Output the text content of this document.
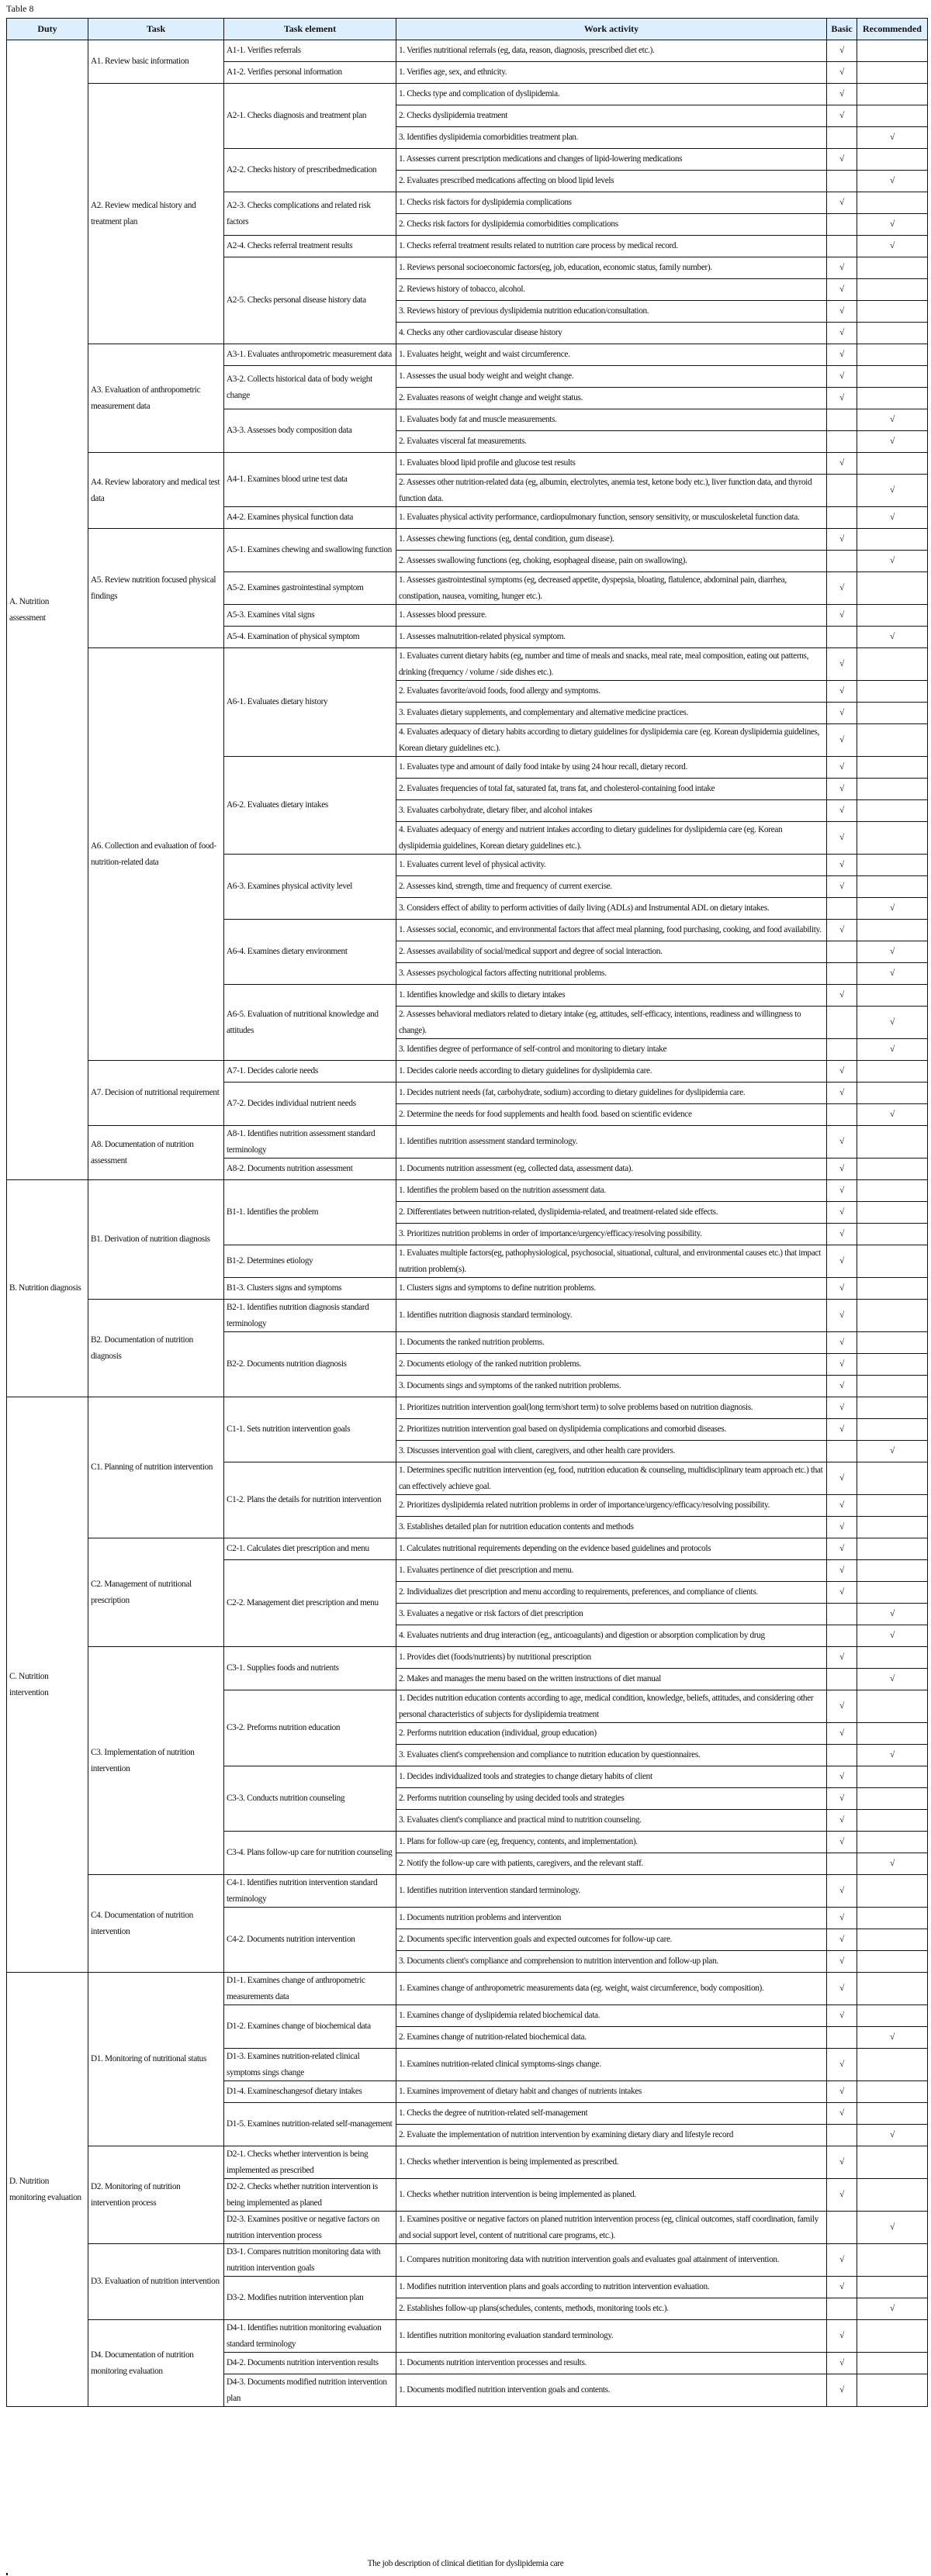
Table 8
Duty	Task	Task element	Work activity	Basic	Recommended
A. Nutrition assessment	A1. Review basic information	A1-1. Verifies referrals	1. Verifies nutritional referrals (eg, data, reason, diagnosis, prescribed diet etc.).	√	
		A1-2. Verifies personal information	1. Verifies age, sex, and ethnicity.	√	
	A2. Review medical history and treatment plan	A2-1. Checks diagnosis and treatment plan	1. Checks type and complication of dyslipidemia.	√	
			2. Checks dyslipidemia treatment	√	
			3. Identifies dyslipidemia comorbidities treatment plan.		√
		A2-2. Checks history of prescribedmedication	1. Assesses current prescription medications and changes of lipid-lowering medications	√	
			2. Evaluates prescribed medications affecting on blood lipid levels		√
		A2-3. Checks complications and related risk factors	1. Checks risk factors for dyslipidemia complications	√	
			2. Checks risk factors for dyslipidemia comorbidities complications		√
		A2-4. Checks referral treatment results	1. Checks referral treatment results related to nutrition care process by medical record.		√
		A2-5. Checks personal disease history data	1. Reviews personal socioeconomic factors(eg, job, education, economic status, family number).	√	
			2. Reviews history of tobacco, alcohol.	√	
			3. Reviews history of previous dyslipidemia nutrition education/consultation.	√	
			4. Checks any other cardiovascular disease history	√	
	A3. Evaluation of anthropometric measurement data	A3-1. Evaluates anthropometric measurement data	1. Evaluates height, weight and waist circumference.	√	
		A3-2. Collects historical data of body weight change	1. Assesses the usual body weight and weight change.	√	
			2. Evaluates reasons of weight change and weight status.	√	
		A3-3. Assesses body composition data	1. Evaluates body fat and muscle measurements.		√
			2. Evaluates visceral fat measurements.		√
	A4. Review laboratory and medical test data	A4-1. Examines blood urine test data	1. Evaluates blood lipid profile and glucose test results	√	
			2. Assesses other nutrition-related data (eg, albumin, electrolytes, anemia test, ketone body etc.), liver function data, and thyroid function data.		√
		A4-2. Examines physical function data	1. Evaluates physical activity performance, cardiopulmonary function, sensory sensitivity, or musculoskeletal function data.		√
	A5. Review nutrition focused physical findings	A5-1. Examines chewing and swallowing function	1. Assesses chewing functions (eg, dental condition, gum disease).	√	
			2. Assesses swallowing functions (eg, choking, esophageal disease, pain on swallowing).		√
		A5-2. Examines gastrointestinal symptom	1. Assesses gastrointestinal symptoms (eg, decreased appetite, dyspepsia, bloating, flatulence, abdominal pain, diarrhea, constipation, nausea, vomiting, hunger etc.).	√	
		A5-3. Examines vital signs	1. Assesses blood pressure.	√	
		A5-4. Examination of physical symptom	1. Assesses malnutrition-related physical symptom.		√
	A6. Collection and evaluation of food-nutrition-related data	A6-1. Evaluates dietary history	1. Evaluates current dietary habits (eg, number and time of meals and snacks, meal rate, meal composition, eating out patterns, drinking (frequency / volume / side dishes etc.).	√	
			2. Evaluates favorite/avoid foods, food allergy and symptoms.	√	
			3. Evaluates dietary supplements, and complementary and alternative medicine practices.	√	
			4. Evaluates adequacy of dietary habits according to dietary guidelines for dyslipidemia care (eg. Korean dyslipidemia guidelines, Korean dietary guidelines etc.).	√	
		A6-2. Evaluates dietary intakes	1. Evaluates type and amount of daily food intake by using 24 hour recall, dietary record.	√	
			2. Evaluates frequencies of total fat, saturated fat, trans fat, and cholesterol-containing food intake	√	
			3. Evaluates carbohydrate, dietary fiber, and alcohol intakes	√	
			4. Evaluates adequacy of energy and nutrient intakes according to dietary guidelines for dyslipidemia care (eg. Korean dyslipidemia guidelines, Korean dietary guidelines etc.).	√	
		A6-3. Examines physical activity level	1. Evaluates current level of physical activity.	√	
			2. Assesses kind, strength, time and frequency of current exercise.	√	
			3. Considers effect of ability to perform activities of daily living (ADLs) and Instrumental ADL on dietary intakes.		√
		A6-4. Examines dietary environment	1. Assesses social, economic, and environmental factors that affect meal planning, food purchasing, cooking, and food availability.	√	
			2. Assesses availability of social/medical support and degree of social interaction.		√
			3. Assesses psychological factors affecting nutritional problems.		√
		A6-5. Evaluation of nutritional knowledge and attitudes	1. Identifies knowledge and skills to dietary intakes	√	
			2. Assesses behavioral mediators related to dietary intake (eg, attitudes, self-efficacy, intentions, readiness and willingness to change).		√
			3. Identifies degree of performance of self-control and monitoring to dietary intake		√
	A7. Decision of nutritional requirement	A7-1. Decides calorie needs	1. Decides calorie needs according to dietary guidelines for dyslipidemia care.	√	
		A7-2. Decides individual nutrient needs	1. Decides nutrient needs (fat, carbohydrate, sodium) according to dietary guidelines for dyslipidemia care.	√	
			2. Determine the needs for food supplements and health food. based on scientific evidence		√
	A8. Documentation of nutrition assessment	A8-1. Identifies nutrition assessment standard terminology	1. Identifies nutrition assessment standard terminology.	√	
		A8-2. Documents nutrition assessment	1. Documents nutrition assessment (eg, collected data, assessment data).	√	
B. Nutrition diagnosis	B1. Derivation of nutrition diagnosis	B1-1. Identifies the problem	1. Identifies the problem based on the nutrition assessment data.	√	
			2. Differentiates between nutrition-related, dyslipidemia-related, and treatment-related side effects.	√	
			3. Prioritizes nutrition problems in order of importance/urgency/efficacy/resolving possibility.	√	
		B1-2. Determines etiology	1. Evaluates multiple factors(eg, pathophysiological, psychosocial, situational, cultural, and environmental causes etc.) that impact nutrition problem(s).	√	
		B1-3. Clusters signs and symptoms	1. Clusters signs and symptoms to define nutrition problems.	√	
	B2. Documentation of nutrition diagnosis	B2-1. Identifies nutrition diagnosis standard terminology	1. Identifies nutrition diagnosis standard terminology.	√	
		B2-2. Documents nutrition diagnosis	1. Documents the ranked nutrition problems.	√	
			2. Documents etiology of the ranked nutrition problems.	√	
			3. Documents sings and symptoms of the ranked nutrition problems.	√	
C. Nutrition intervention	C1. Planning of nutrition intervention	C1-1. Sets nutrition intervention goals	1. Prioritizes nutrition intervention goal(long term/short term) to solve problems based on nutrition diagnosis.	√	
			2. Prioritizes nutrition intervention goal based on dyslipidemia complications and comorbid diseases.	√	
			3. Discusses intervention goal with client, caregivers, and other health care providers.		√
		C1-2. Plans the details for nutrition intervention	1. Determines specific nutrition intervention (eg, food, nutrition education & counseling, multidisciplinary team approach etc.) that can effectively achieve goal.	√	
			2. Prioritizes dyslipidemia related nutrition problems in order of importance/urgency/efficacy/resolving possibility.	√	
			3. Establishes detailed plan for nutrition education contents and methods	√	
	C2. Management of nutritional prescription	C2-1. Calculates diet prescription and menu	1. Calculates nutritional requirements depending on the evidence based guidelines and protocols	√	
		C2-2. Management diet prescription and menu	1. Evaluates pertinence of diet prescription and menu.	√	
			2. Individualizes diet prescription and menu according to requirements, preferences, and compliance of clients.	√	
			3. Evaluates a negative or risk factors of diet prescription		√
			4. Evaluates nutrients and drug interaction (eg,, anticoagulants) and digestion or absorption complication by drug		√
	C3. Implementation of nutrition intervention	C3-1. Supplies foods and nutrients	1. Provides diet (foods/nutrients) by nutritional prescription	√	
			2. Makes and manages the menu based on the written instructions of diet manual		√
		C3-2. Preforms nutrition education	1. Decides nutrition education contents according to age, medical condition, knowledge, beliefs, attitudes, and considering other personal characteristics of subjects for dyslipidemia treatment	√	
			2. Performs nutrition education (individual, group education)	√	
			3. Evaluates client's comprehension and compliance to nutrition education by questionnaires.		√
		C3-3. Conducts nutrition counseling	1. Decides individualized tools and strategies to change dietary habits of client	√	
			2. Performs nutrition counseling by using decided tools and strategies	√	
			3. Evaluates client's compliance and practical mind to nutrition counseling.	√	
		C3-4. Plans follow-up care for nutrition counseling	1. Plans for follow-up care (eg, frequency, contents, and implementation).	√	
			2. Notify the follow-up care with patients, caregivers, and the relevant staff.		√
	C4. Documentation of nutrition intervention	C4-1. Identifies nutrition intervention standard terminology	1. Identifies nutrition intervention standard terminology.	√	
		C4-2. Documents nutrition intervention	1. Documents nutrition problems and intervention	√	
			2. Documents specific intervention goals and expected outcomes for follow-up care.	√	
			3. Documents client's compliance and comprehension to nutrition intervention and follow-up plan.	√	
D. Nutrition monitoring evaluation	D1. Monitoring of nutritional status	D1-1. Examines change of anthropometric measurements data	1. Examines change of anthropometric measurements data (eg. weight, waist circumference, body composition).	√	
		D1-2. Examines change of biochemical data	1. Examines change of dyslipidemia related biochemical data.	√	
			2. Examines change of nutrition-related biochemical data.		√
		D1-3. Examines nutrition-related clinical symptoms sings change	1. Examines nutrition-related clinical symptoms-sings change.	√	
		D1-4. Examineschangesof dietary intakes	1. Examines improvement of dietary habit and changes of nutrients intakes	√	
		D1-5. Examines nutrition-related self-management	1. Checks the degree of nutrition-related self-management	√	
			2. Evaluate the implementation of nutrition intervention by examining dietary diary and lifestyle record		√
	D2. Monitoring of nutrition intervention process	D2-1. Checks whether intervention is being implemented as prescribed	1. Checks whether intervention is being implemented as prescribed.	√	
		D2-2. Checks whether nutrition intervention is being implemented as planed	1. Checks whether nutrition intervention is being implemented as planed.	√	
		D2-3. Examines positive or negative factors on nutrition intervention process	1. Examines positive or negative factors on planed nutrition intervention process (eg, clinical outcomes, staff coordination, family and social support level, content of nutritional care programs, etc.).		√
	D3. Evaluation of nutrition intervention	D3-1. Compares nutrition monitoring data with nutrition intervention goals	1. Compares nutrition monitoring data with nutrition intervention goals and evaluates goal attainment of intervention.	√	
		D3-2. Modifies nutrition intervention plan	1. Modifies nutrition intervention plans and goals according to nutrition intervention evaluation.	√	
			2. Establishes follow-up plans(schedules, contents, methods, monitoring tools etc.).		√
	D4. Documentation of nutrition monitoring evaluation	D4-1. Identifies nutrition monitoring evaluation standard terminology	1. Identifies nutrition monitoring evaluation standard terminology.	√	
		D4-2. Documents nutrition intervention results	1. Documents nutrition intervention processes and results.	√	
		D4-3. Documents modified nutrition intervention plan	1. Documents modified nutrition intervention goals and contents.	√	
The job description of clinical dietitian for dyslipidemia care
